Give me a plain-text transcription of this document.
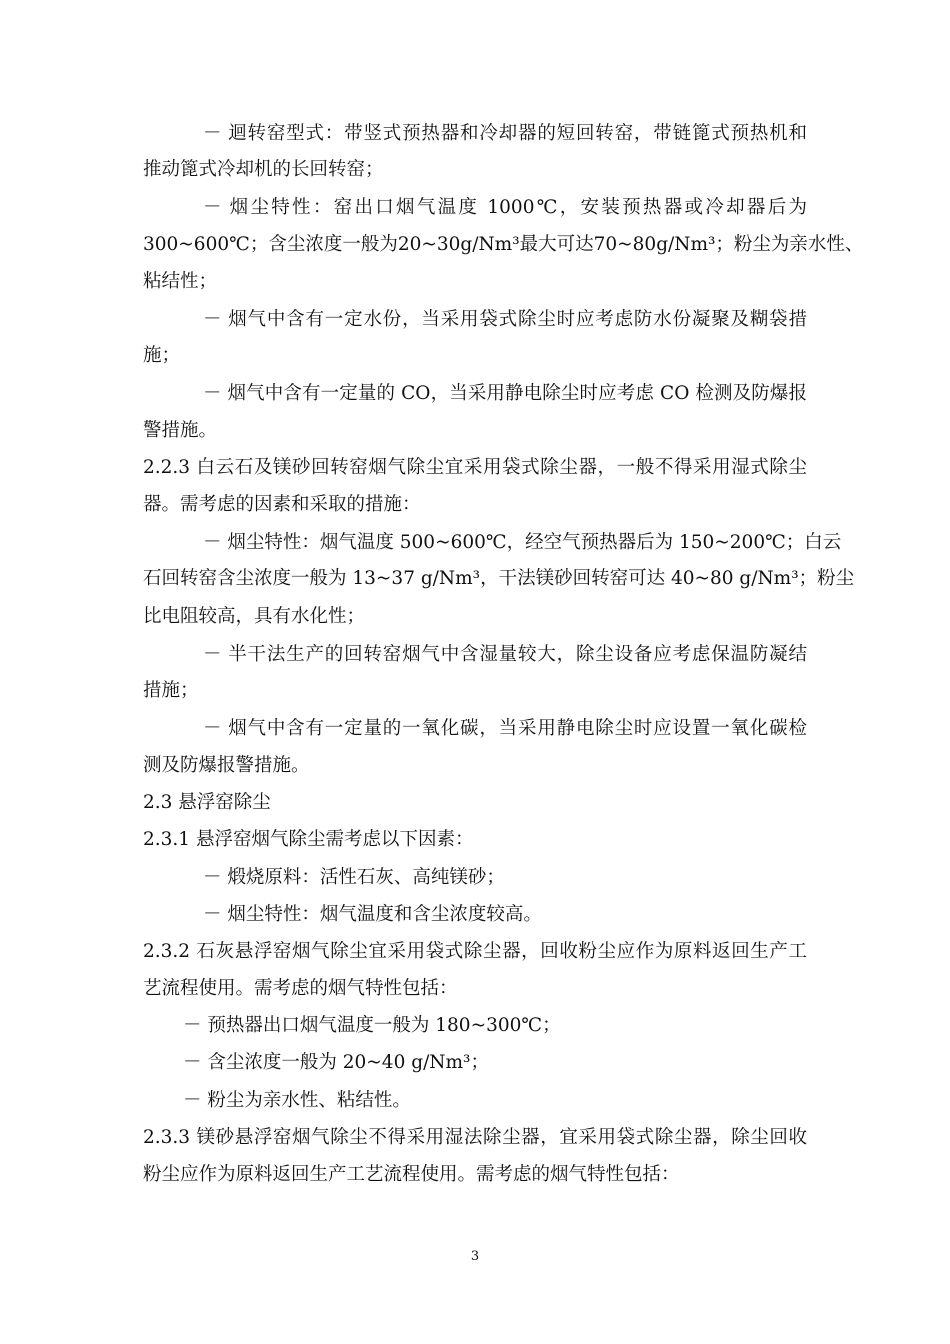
－ 迴转窑型式：带竖式预热器和冷却器的短回转窑，带链篦式预热机和
推动篦式冷却机的长回转窑；
－ 烟尘特性：窑出口烟气温度 1000℃，安装预热器或冷却器后为
300~600℃；含尘浓度一般为20~30g/Nm³最大可达70~80g/Nm³；粉尘为亲水性、
粘结性；
－ 烟气中含有一定水份，当采用袋式除尘时应考虑防水份凝聚及糊袋措
施；
－ 烟气中含有一定量的 CO，当采用静电除尘时应考虑 CO 检测及防爆报
警措施。
2.2.3 白云石及镁砂回转窑烟气除尘宜采用袋式除尘器，一般不得采用湿式除尘
器。需考虑的因素和采取的措施：
－ 烟尘特性：烟气温度 500~600℃，经空气预热器后为 150~200℃；白云
石回转窑含尘浓度一般为 13~37 g/Nm³，干法镁砂回转窑可达 40~80 g/Nm³；粉尘
比电阻较高，具有水化性；
－ 半干法生产的回转窑烟气中含湿量较大，除尘设备应考虑保温防凝结
措施；
－ 烟气中含有一定量的一氧化碳，当采用静电除尘时应设置一氧化碳检
测及防爆报警措施。
2.3 悬浮窑除尘
2.3.1 悬浮窑烟气除尘需考虑以下因素：
－ 煅烧原料：活性石灰、高纯镁砂；
－ 烟尘特性：烟气温度和含尘浓度较高。
2.3.2 石灰悬浮窑烟气除尘宜采用袋式除尘器，回收粉尘应作为原料返回生产工
艺流程使用。需考虑的烟气特性包括：
－ 预热器出口烟气温度一般为 180~300℃；
－ 含尘浓度一般为 20~40 g/Nm³；
－ 粉尘为亲水性、粘结性。
2.3.3 镁砂悬浮窑烟气除尘不得采用湿法除尘器，宜采用袋式除尘器，除尘回收
粉尘应作为原料返回生产工艺流程使用。需考虑的烟气特性包括：
3
